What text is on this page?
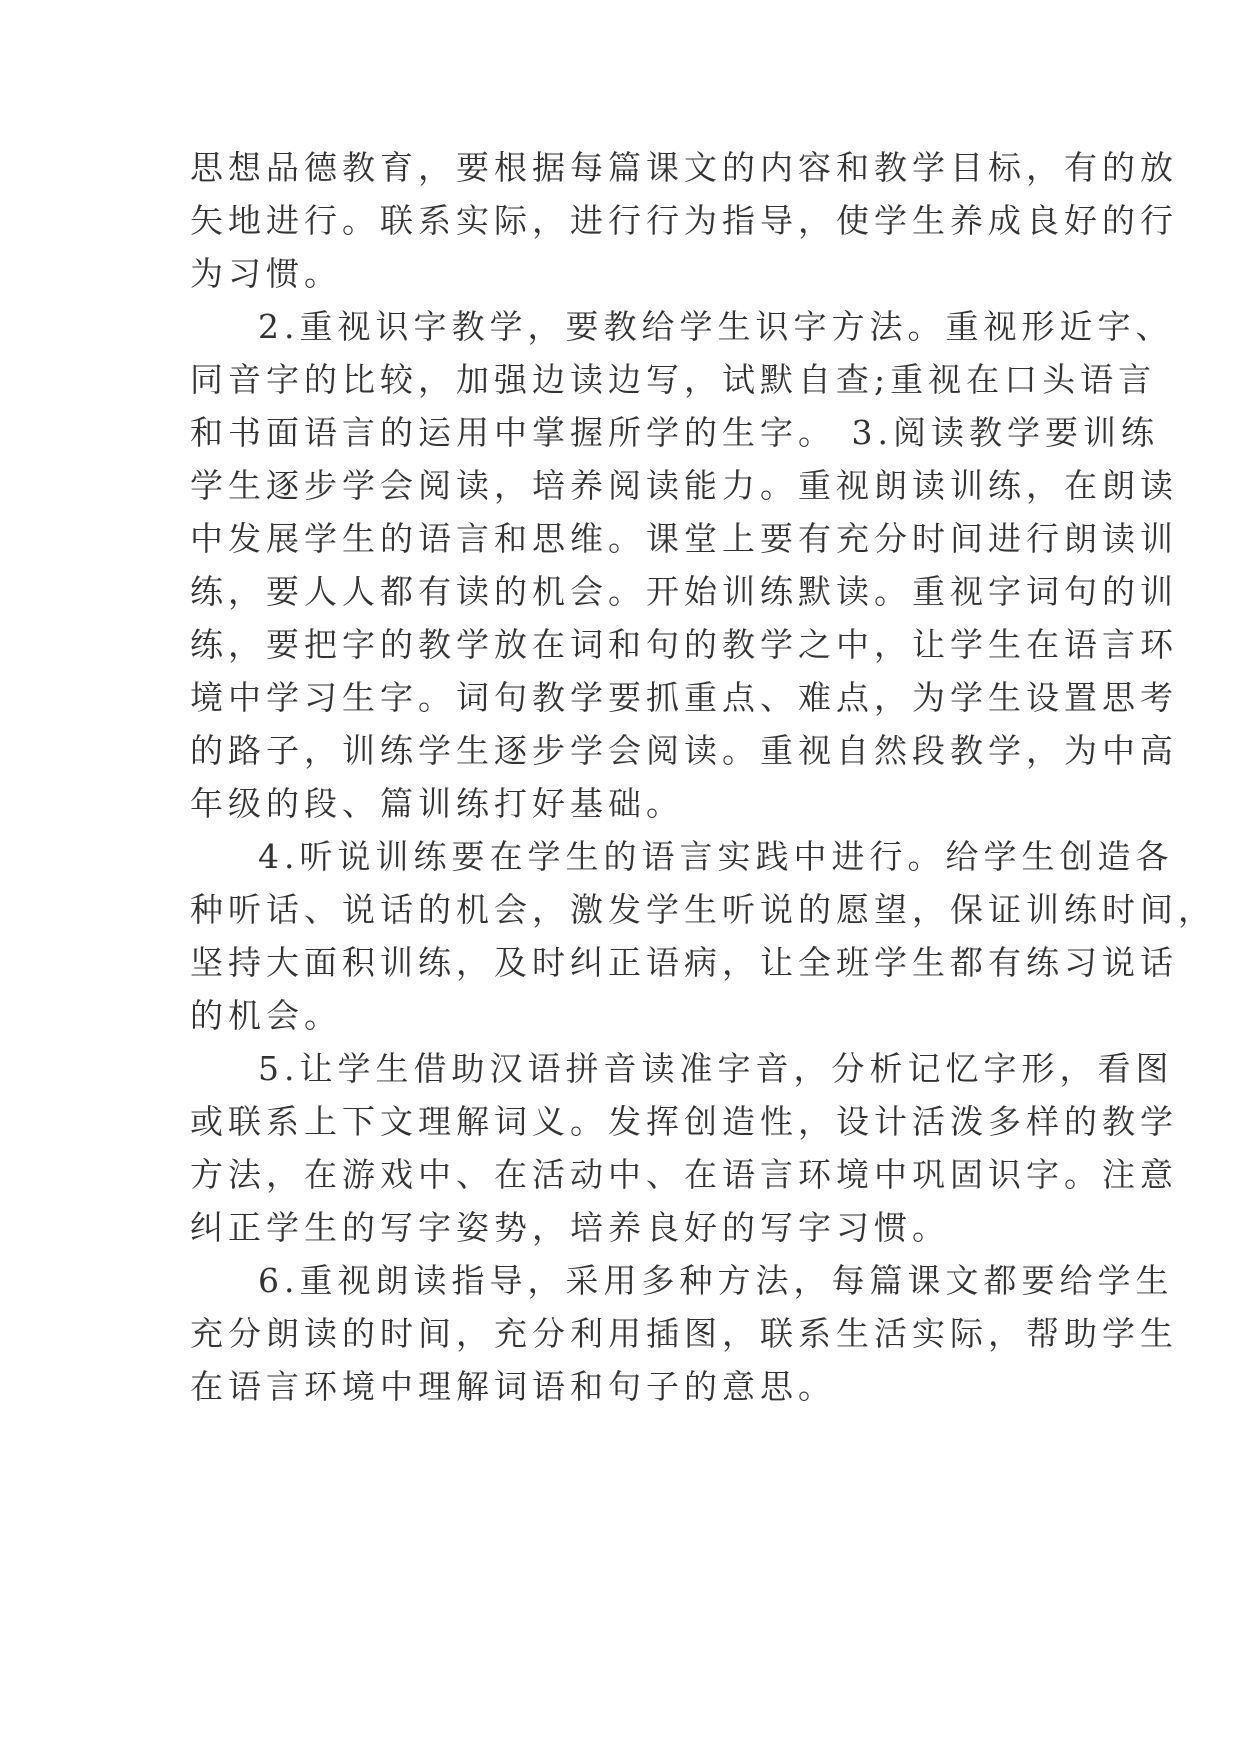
思想品德教育，要根据每篇课文的内容和教学目标，有的放

矢地进行。联系实际，进行行为指导，使学生养成良好的行

为习惯。

2.重视识字教学，要教给学生识字方法。重视形近字、

同音字的比较，加强边读边写，试默自查;重视在口头语言

和书面语言的运用中掌握所学的生字。 3.阅读教学要训练

学生逐步学会阅读，培养阅读能力。重视朗读训练，在朗读

中发展学生的语言和思维。课堂上要有充分时间进行朗读训

练，要人人都有读的机会。开始训练默读。重视字词句的训

练，要把字的教学放在词和句的教学之中，让学生在语言环

境中学习生字。词句教学要抓重点、难点，为学生设置思考

的路子，训练学生逐步学会阅读。重视自然段教学，为中高

年级的段、篇训练打好基础。

4.听说训练要在学生的语言实践中进行。给学生创造各

种听话、说话的机会，激发学生听说的愿望，保证训练时间，

坚持大面积训练，及时纠正语病，让全班学生都有练习说话

的机会。

5.让学生借助汉语拼音读准字音，分析记忆字形，看图

或联系上下文理解词义。发挥创造性，设计活泼多样的教学

方法，在游戏中、在活动中、在语言环境中巩固识字。注意

纠正学生的写字姿势，培养良好的写字习惯。

6.重视朗读指导，采用多种方法，每篇课文都要给学生

充分朗读的时间，充分利用插图，联系生活实际，帮助学生

在语言环境中理解词语和句子的意思。
